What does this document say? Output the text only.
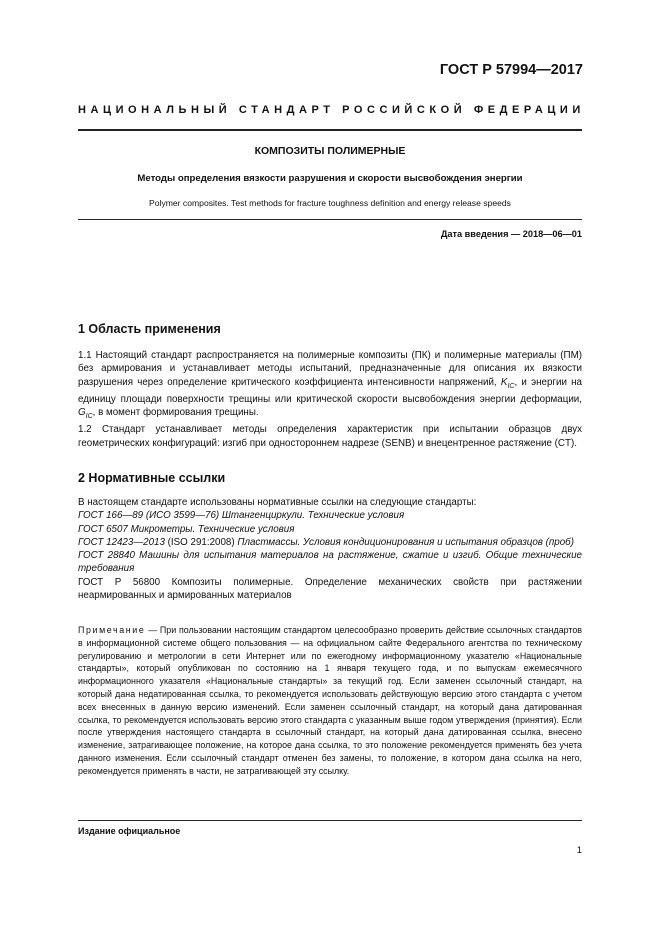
ГОСТ Р 57994—2017
НАЦИОНАЛЬНЫЙ СТАНДАРТ РОССИЙСКОЙ ФЕДЕРАЦИИ
КОМПОЗИТЫ ПОЛИМЕРНЫЕ
Методы определения вязкости разрушения и скорости высвобождения энергии
Polymer composites. Test methods for fracture toughness definition and energy release speeds
Дата введения — 2018—06—01
1 Область применения

1.1 Настоящий стандарт распространяется на полимерные композиты (ПК) и полимерные материалы (ПМ) без армирования и устанавливает методы испытаний, предназначенные для описания их вязкости разрушения через определение критического коэффициента интенсивности напряжений, $K_{IC}$, и энергии на единицу площади поверхности трещины или критической скорости высвобождения энергии деформации, $G_{IC}$, в момент формирования трещины.

1.2 Стандарт устанавливает методы определения характеристик при испытании образцов двух геометрических конфигураций: изгиб при одностороннем надрезе (SENB) и внецентренное растяжение (CT).

2 Нормативные ссылки

В настоящем стандарте использованы нормативные ссылки на следующие стандарты:

ГОСТ 166—89 (ИСО 3599—76) Штангенциркули. Технические условия

ГОСТ 6507 Микрометры. Технические условия

ГОСТ 12423—2013 (ISO 291:2008) Пластмассы. Условия кондиционирования и испытания образцов (проб)

ГОСТ 28840 Машины для испытания материалов на растяжение, сжатие и изгиб. Общие технические требования

ГОСТ Р 56800 Композиты полимерные. Определение механических свойств при растяжении неармированных и армированных материалов

Примечание — При пользовании настоящим стандартом целесообразно проверить действие ссылочных стандартов в информационной системе общего пользования — на официальном сайте Федерального агентства по техническому регулированию и метрологии в сети Интернет или по ежегодному информационному указателю «Национальные стандарты», который опубликован по состоянию на 1 января текущего года, и по выпускам ежемесячного информационного указателя «Национальные стандарты» за текущий год. Если заменен ссылочный стандарт, на который дана недатированная ссылка, то рекомендуется использовать действующую версию этого стандарта с учетом всех внесенных в данную версию изменений. Если заменен ссылочный стандарт, на который дана датированная ссылка, то рекомендуется использовать версию этого стандарта с указанным выше годом утверждения (принятия). Если после утверждения настоящего стандарта в ссылочный стандарт, на который дана датированная ссылка, внесено изменение, затрагивающее положение, на которое дана ссылка, то это положение рекомендуется применять без учета данного изменения. Если ссылочный стандарт отменен без замены, то положение, в котором дана ссылка на него, рекомендуется применять в части, не затрагивающей эту ссылку.
Издание официальное
1
